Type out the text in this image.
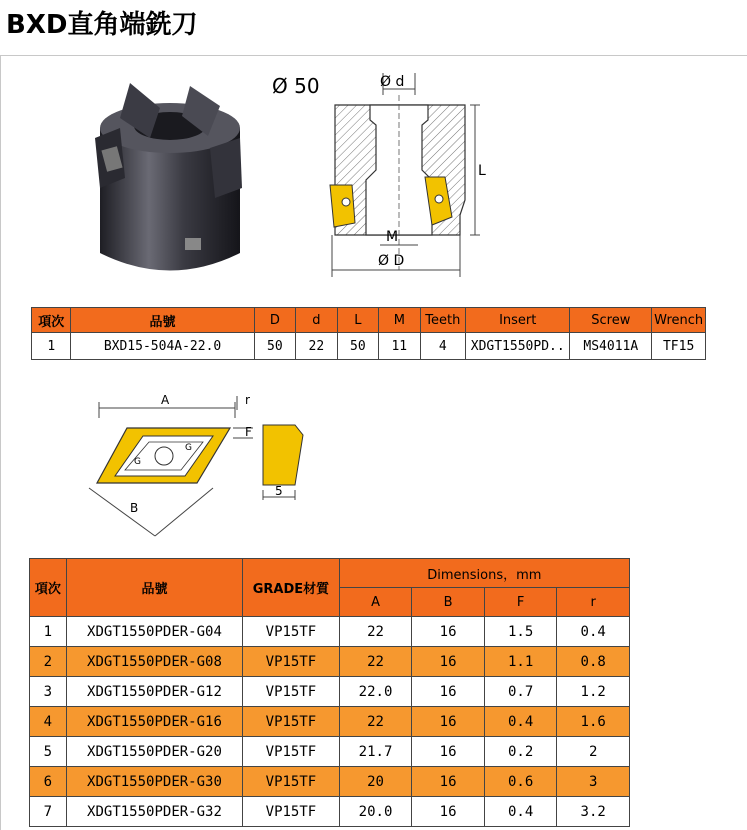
BXD直角端銑刀
Ø 50	Ø d
L
M
Ø D
項次	品號	D	d	L	M	Teeth	Insert	Screw	Wrench
1	BXD15-504A-22.0	50	22	50	11	4	XDGT1550PD..	MS4011A	TF15
A
G
G
B
r
F
5
項次	品號	GRADE材質	Dimensions，mm			
			A	B	F	r
1	XDGT1550PDER-G04	VP15TF	22	16	1.5	0.4
2	XDGT1550PDER-G08	VP15TF	22	16	1.1	0.8
3	XDGT1550PDER-G12	VP15TF	22.0	16	0.7	1.2
4	XDGT1550PDER-G16	VP15TF	22	16	0.4	1.6
5	XDGT1550PDER-G20	VP15TF	21.7	16	0.2	2
6	XDGT1550PDER-G30	VP15TF	20	16	0.6	3
7	XDGT1550PDER-G32	VP15TF	20.0	16	0.4	3.2
